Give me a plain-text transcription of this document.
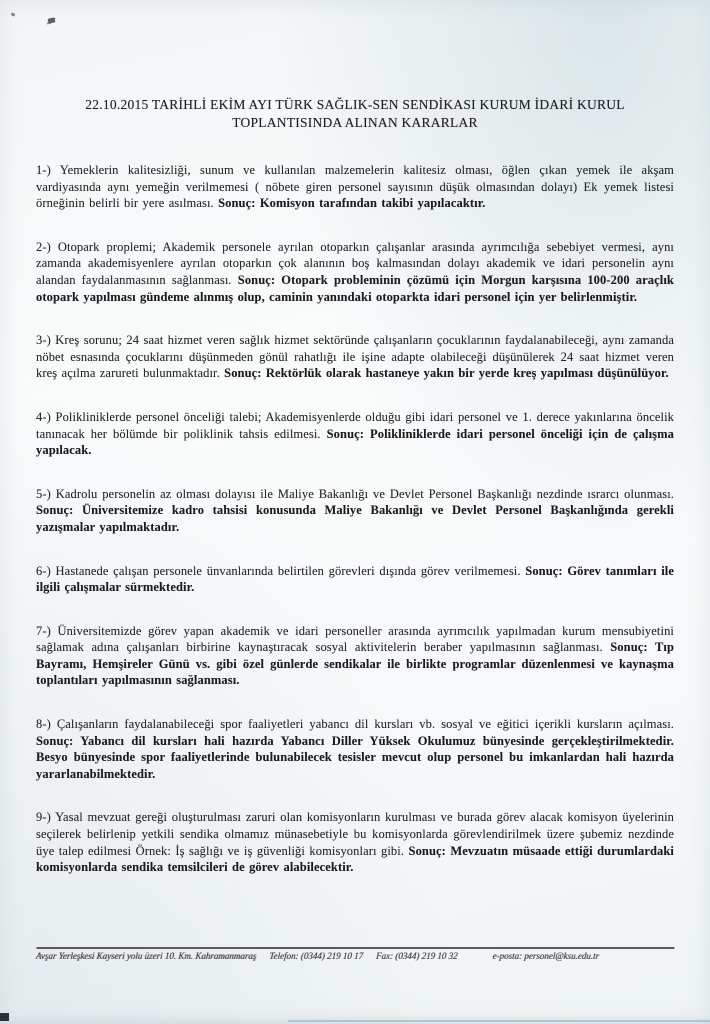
22.10.2015 TARİHLİ EKİM AYI TÜRK SAĞLIK-SEN SENDİKASI KURUM İDARİ KURUL
TOPLANTISINDA ALINAN KARARLAR

1-) Yemeklerin kalitesizliği, sunum ve kullanılan malzemelerin kalitesiz olması, öğlen çıkan yemek ile akşam vardiyasında aynı yemeğin verilmemesi ( nöbete giren personel sayısının düşük olmasından dolayı) Ek yemek listesi örneğinin belirli bir yere asılması. Sonuç: Komisyon tarafından takibi yapılacaktır.

2-) Otopark proplemi; Akademik personele ayrılan otoparkın çalışanlar arasında ayrımcılığa sebebiyet vermesi, aynı zamanda akademisyenlere ayrılan otoparkın çok alanının boş kalmasından dolayı akademik ve idari personelin aynı alandan faydalanmasının sağlanması. Sonuç: Otopark probleminin çözümü için Morgun karşısına 100-200 araçlık otopark yapılması gündeme alınmış olup, caminin yanındaki otoparkta idari personel için yer belirlenmiştir.

3-) Kreş sorunu; 24 saat hizmet veren sağlık hizmet sektöründe çalışanların çocuklarının faydalanabileceği, aynı zamanda nöbet esnasında çocuklarını düşünmeden gönül rahatlığı ile işine adapte olabileceği düşünülerek 24 saat hizmet veren kreş açılma zarureti bulunmaktadır. Sonuç: Rektörlük olarak hastaneye yakın bir yerde kreş yapılması düşünülüyor.

4-) Polikliniklerde personel önceliği talebi; Akademisyenlerde olduğu gibi idari personel ve 1. derece yakınlarına öncelik tanınacak her bölümde bir poliklinik tahsis edilmesi. Sonuç: Polikliniklerde idari personel önceliği için de çalışma yapılacak.

5-) Kadrolu personelin az olması dolayısı ile Maliye Bakanlığı ve Devlet Personel Başkanlığı nezdinde ısrarcı olunması. Sonuç: Üniversitemize kadro tahsisi konusunda Maliye Bakanlığı ve Devlet Personel Başkanlığında gerekli yazışmalar yapılmaktadır.

6-) Hastanede çalışan personele ünvanlarında belirtilen görevleri dışında görev verilmemesi. Sonuç: Görev tanımları ile ilgili çalışmalar sürmektedir.

7-) Üniversitemizde görev yapan akademik ve idari personeller arasında ayrımcılık yapılmadan kurum mensubiyetini sağlamak adına çalışanları birbirine kaynaştıracak sosyal aktivitelerin beraber yapılmasının sağlanması. Sonuç: Tıp Bayramı, Hemşireler Günü vs. gibi özel günlerde sendikalar ile birlikte programlar düzenlenmesi ve kaynaşma toplantıları yapılmasının sağlanması.

8-) Çalışanların faydalanabileceği spor faaliyetleri yabancı dil kursları vb. sosyal ve eğitici içerikli kursların açılması. Sonuç: Yabancı dil kursları hali hazırda Yabancı Diller Yüksek Okulumuz bünyesinde gerçekleştirilmektedir. Besyo bünyesinde spor faaliyetlerinde bulunabilecek tesisler mevcut olup personel bu imkanlardan hali hazırda yararlanabilmektedir.

9-) Yasal mevzuat gereği oluşturulması zaruri olan komisyonların kurulması ve burada görev alacak komisyon üyelerinin seçilerek belirlenip yetkili sendika olmamız münasebetiyle bu komisyonlarda görevlendirilmek üzere şubemiz nezdinde üye talep edilmesi Örnek: İş sağlığı ve iş güvenliği komisyonları gibi. Sonuç: Mevzuatın müsaade ettiği durumlardaki komisyonlarda sendika temsilcileri de görev alabilecektir.

Avşar Yerleşkesi Kayseri yolu üzeri 10. Km. Kahramanmaraş Telefon: (0344) 219 10 17 Fax: (0344) 219 10 32	e-posta: personel@ksu.edu.tr
